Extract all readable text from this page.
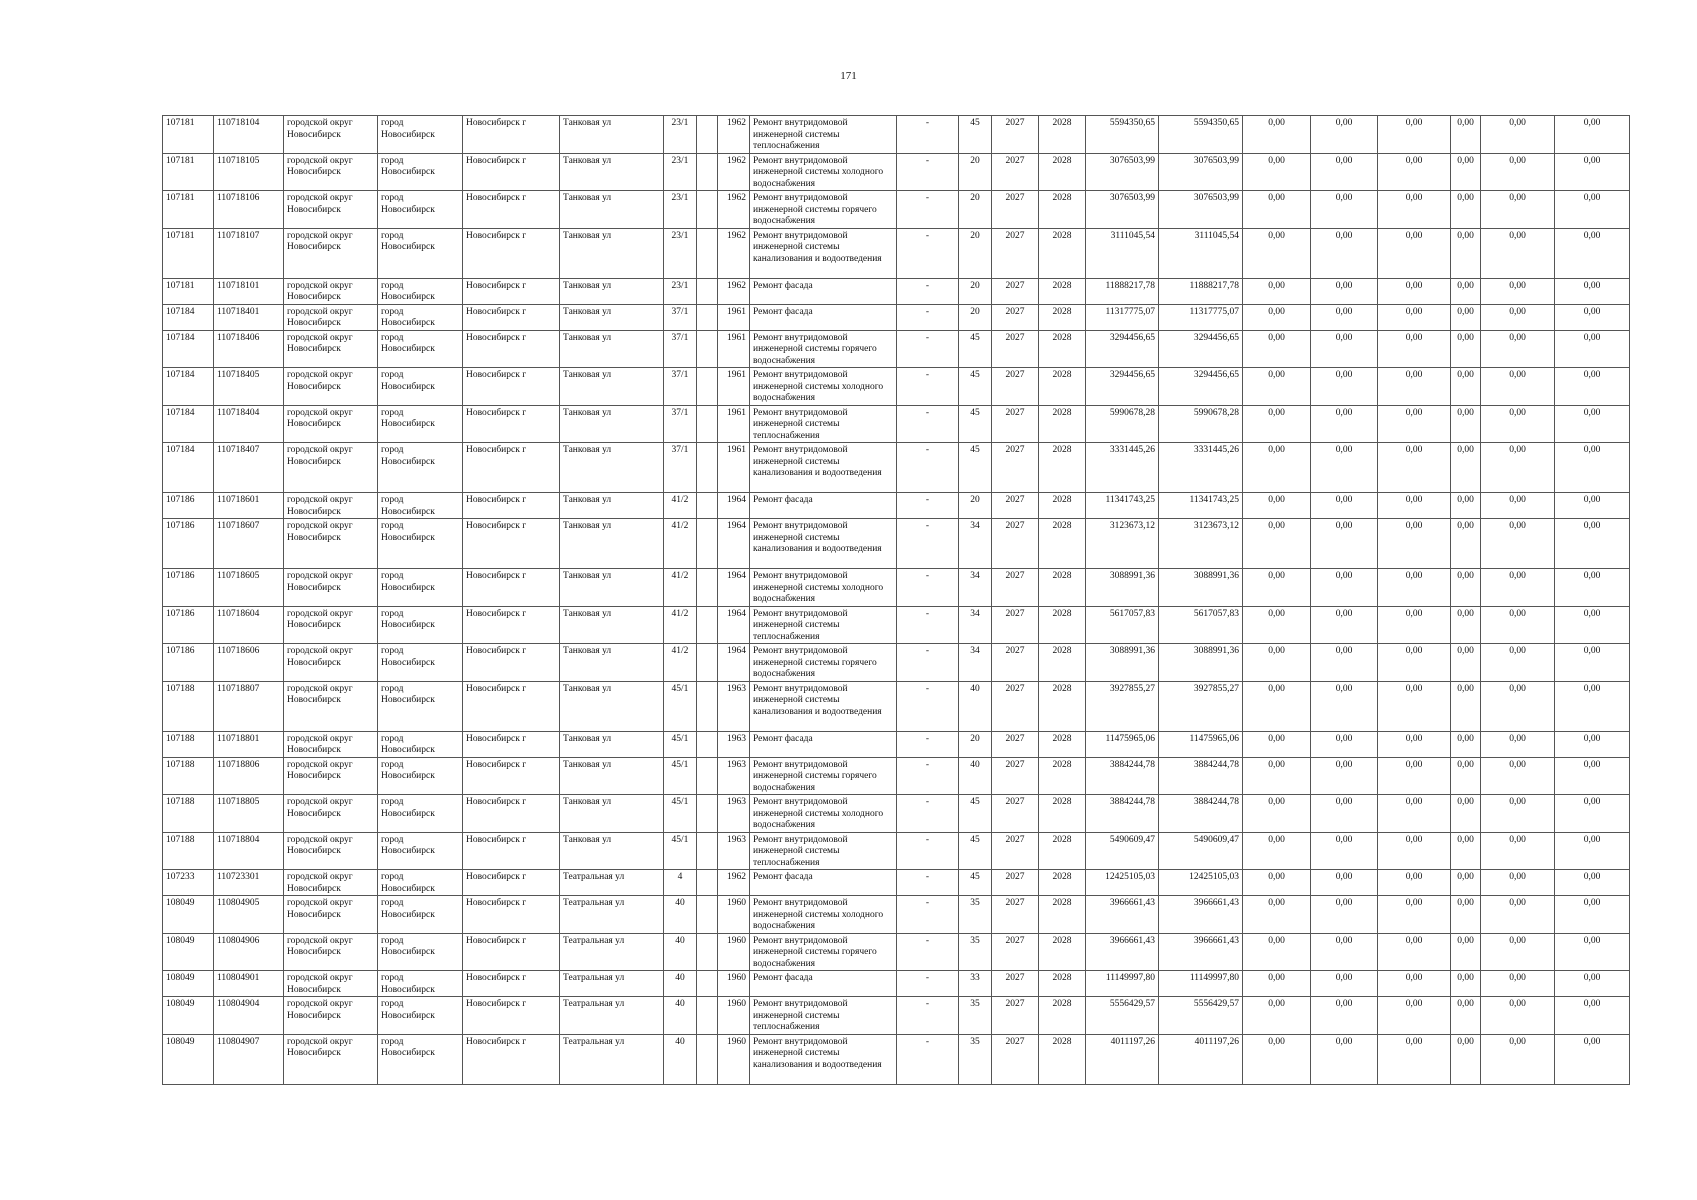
171
107181	110718104	городской округ Новосибирск	город Новосибирск	Новосибирск г	Танковая ул	23/1		1962	Ремонт внутридомовой инженерной системы теплоснабжения	-	45	2027	2028	5594350,65	5594350,65	0,00	0,00	0,00	0,00	0,00	0,00
107181	110718105	городской округ Новосибирск	город Новосибирск	Новосибирск г	Танковая ул	23/1		1962	Ремонт внутридомовой инженерной системы холодного водоснабжения	-	20	2027	2028	3076503,99	3076503,99	0,00	0,00	0,00	0,00	0,00	0,00
107181	110718106	городской округ Новосибирск	город Новосибирск	Новосибирск г	Танковая ул	23/1		1962	Ремонт внутридомовой инженерной системы горячего водоснабжения	-	20	2027	2028	3076503,99	3076503,99	0,00	0,00	0,00	0,00	0,00	0,00
107181	110718107	городской округ Новосибирск	город Новосибирск	Новосибирск г	Танковая ул	23/1		1962	Ремонт внутридомовой инженерной системы канализования и водоотведения	-	20	2027	2028	3111045,54	3111045,54	0,00	0,00	0,00	0,00	0,00	0,00
107181	110718101	городской округ Новосибирск	город Новосибирск	Новосибирск г	Танковая ул	23/1		1962	Ремонт фасада	-	20	2027	2028	11888217,78	11888217,78	0,00	0,00	0,00	0,00	0,00	0,00
107184	110718401	городской округ Новосибирск	город Новосибирск	Новосибирск г	Танковая ул	37/1		1961	Ремонт фасада	-	20	2027	2028	11317775,07	11317775,07	0,00	0,00	0,00	0,00	0,00	0,00
107184	110718406	городской округ Новосибирск	город Новосибирск	Новосибирск г	Танковая ул	37/1		1961	Ремонт внутридомовой инженерной системы горячего водоснабжения	-	45	2027	2028	3294456,65	3294456,65	0,00	0,00	0,00	0,00	0,00	0,00
107184	110718405	городской округ Новосибирск	город Новосибирск	Новосибирск г	Танковая ул	37/1		1961	Ремонт внутридомовой инженерной системы холодного водоснабжения	-	45	2027	2028	3294456,65	3294456,65	0,00	0,00	0,00	0,00	0,00	0,00
107184	110718404	городской округ Новосибирск	город Новосибирск	Новосибирск г	Танковая ул	37/1		1961	Ремонт внутридомовой инженерной системы теплоснабжения	-	45	2027	2028	5990678,28	5990678,28	0,00	0,00	0,00	0,00	0,00	0,00
107184	110718407	городской округ Новосибирск	город Новосибирск	Новосибирск г	Танковая ул	37/1		1961	Ремонт внутридомовой инженерной системы канализования и водоотведения	-	45	2027	2028	3331445,26	3331445,26	0,00	0,00	0,00	0,00	0,00	0,00
107186	110718601	городской округ Новосибирск	город Новосибирск	Новосибирск г	Танковая ул	41/2		1964	Ремонт фасада	-	20	2027	2028	11341743,25	11341743,25	0,00	0,00	0,00	0,00	0,00	0,00
107186	110718607	городской округ Новосибирск	город Новосибирск	Новосибирск г	Танковая ул	41/2		1964	Ремонт внутридомовой инженерной системы канализования и водоотведения	-	34	2027	2028	3123673,12	3123673,12	0,00	0,00	0,00	0,00	0,00	0,00
107186	110718605	городской округ Новосибирск	город Новосибирск	Новосибирск г	Танковая ул	41/2		1964	Ремонт внутридомовой инженерной системы холодного водоснабжения	-	34	2027	2028	3088991,36	3088991,36	0,00	0,00	0,00	0,00	0,00	0,00
107186	110718604	городской округ Новосибирск	город Новосибирск	Новосибирск г	Танковая ул	41/2		1964	Ремонт внутридомовой инженерной системы теплоснабжения	-	34	2027	2028	5617057,83	5617057,83	0,00	0,00	0,00	0,00	0,00	0,00
107186	110718606	городской округ Новосибирск	город Новосибирск	Новосибирск г	Танковая ул	41/2		1964	Ремонт внутридомовой инженерной системы горячего водоснабжения	-	34	2027	2028	3088991,36	3088991,36	0,00	0,00	0,00	0,00	0,00	0,00
107188	110718807	городской округ Новосибирск	город Новосибирск	Новосибирск г	Танковая ул	45/1		1963	Ремонт внутридомовой инженерной системы канализования и водоотведения	-	40	2027	2028	3927855,27	3927855,27	0,00	0,00	0,00	0,00	0,00	0,00
107188	110718801	городской округ Новосибирск	город Новосибирск	Новосибирск г	Танковая ул	45/1		1963	Ремонт фасада	-	20	2027	2028	11475965,06	11475965,06	0,00	0,00	0,00	0,00	0,00	0,00
107188	110718806	городской округ Новосибирск	город Новосибирск	Новосибирск г	Танковая ул	45/1		1963	Ремонт внутридомовой инженерной системы горячего водоснабжения	-	40	2027	2028	3884244,78	3884244,78	0,00	0,00	0,00	0,00	0,00	0,00
107188	110718805	городской округ Новосибирск	город Новосибирск	Новосибирск г	Танковая ул	45/1		1963	Ремонт внутридомовой инженерной системы холодного водоснабжения	-	45	2027	2028	3884244,78	3884244,78	0,00	0,00	0,00	0,00	0,00	0,00
107188	110718804	городской округ Новосибирск	город Новосибирск	Новосибирск г	Танковая ул	45/1		1963	Ремонт внутридомовой инженерной системы теплоснабжения	-	45	2027	2028	5490609,47	5490609,47	0,00	0,00	0,00	0,00	0,00	0,00
107233	110723301	городской округ Новосибирск	город Новосибирск	Новосибирск г	Театральная ул	4		1962	Ремонт фасада	-	45	2027	2028	12425105,03	12425105,03	0,00	0,00	0,00	0,00	0,00	0,00
108049	110804905	городской округ Новосибирск	город Новосибирск	Новосибирск г	Театральная ул	40		1960	Ремонт внутридомовой инженерной системы холодного водоснабжения	-	35	2027	2028	3966661,43	3966661,43	0,00	0,00	0,00	0,00	0,00	0,00
108049	110804906	городской округ Новосибирск	город Новосибирск	Новосибирск г	Театральная ул	40		1960	Ремонт внутридомовой инженерной системы горячего водоснабжения	-	35	2027	2028	3966661,43	3966661,43	0,00	0,00	0,00	0,00	0,00	0,00
108049	110804901	городской округ Новосибирск	город Новосибирск	Новосибирск г	Театральная ул	40		1960	Ремонт фасада	-	33	2027	2028	11149997,80	11149997,80	0,00	0,00	0,00	0,00	0,00	0,00
108049	110804904	городской округ Новосибирск	город Новосибирск	Новосибирск г	Театральная ул	40		1960	Ремонт внутридомовой инженерной системы теплоснабжения	-	35	2027	2028	5556429,57	5556429,57	0,00	0,00	0,00	0,00	0,00	0,00
108049	110804907	городской округ Новосибирск	город Новосибирск	Новосибирск г	Театральная ул	40		1960	Ремонт внутридомовой инженерной системы канализования и водоотведения	-	35	2027	2028	4011197,26	4011197,26	0,00	0,00	0,00	0,00	0,00	0,00
